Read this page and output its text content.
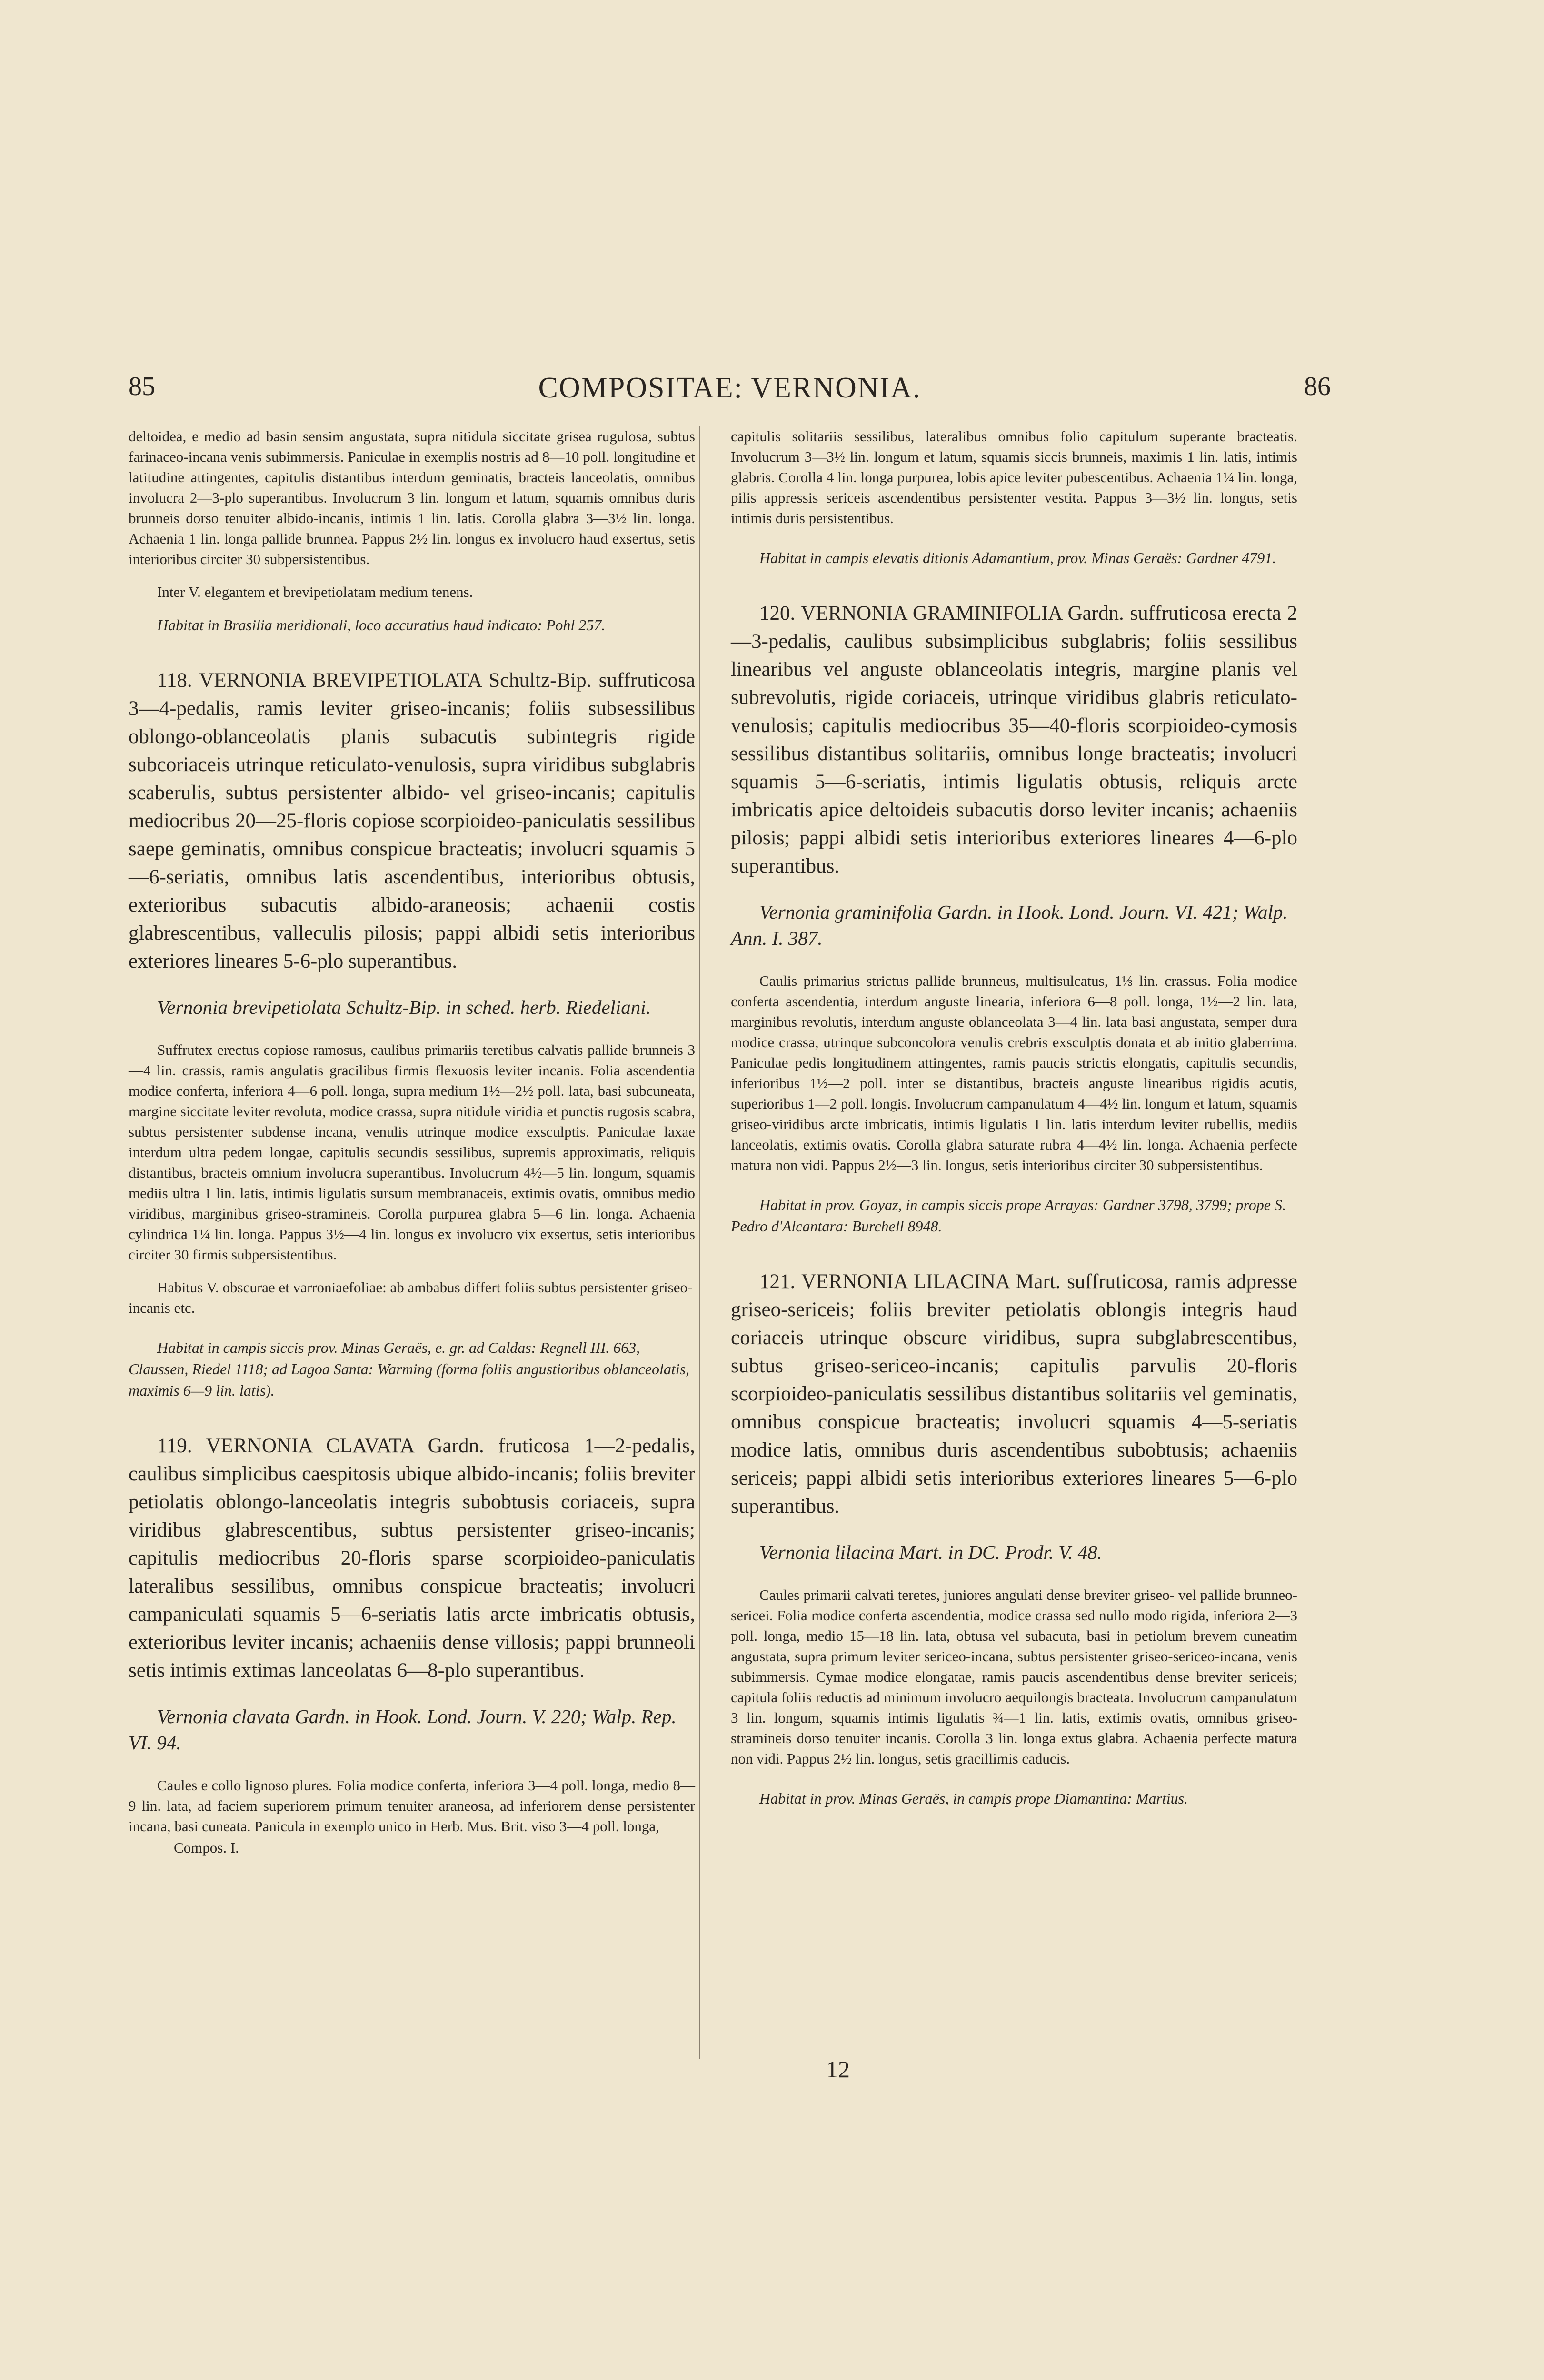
85	COMPOSITAE: VERNONIA.	86

deltoidea, e medio ad basin sensim angustata, supra nitidula siccitate grisea rugulosa, subtus farinaceo-incana venis subimmersis. Paniculae in exemplis nostris ad 8—10 poll. longitudine et latitudine attingentes, capitulis distantibus interdum geminatis, bracteis lanceolatis, omnibus involucra 2—3-plo superantibus. Involucrum 3 lin. longum et latum, squamis omnibus duris brunneis dorso tenuiter albido-incanis, intimis 1 lin. latis. Corolla glabra 3—3½ lin. longa. Achaenia 1 lin. longa pallide brunnea. Pappus 2½ lin. longus ex involucro haud exsertus, setis interioribus circiter 30 subpersistentibus.

Inter V. elegantem et brevipetiolatam medium tenens.

Habitat in Brasilia meridionali, loco accuratius haud indicato: Pohl 257.

118. VERNONIA BREVIPETIOLATA Schultz-Bip. suffruticosa 3—4-pedalis, ramis leviter griseo-incanis; foliis subsessilibus oblongo-oblanceolatis planis subacutis subintegris rigide subcoriaceis utrinque reticulato-venulosis, supra viridibus subglabris scaberulis, subtus persistenter albido- vel griseo-incanis; capitulis mediocribus 20—25-floris copiose scorpioideo-paniculatis sessilibus saepe geminatis, omnibus conspicue bracteatis; involucri squamis 5—6-seriatis, omnibus latis ascendentibus, interioribus obtusis, exterioribus subacutis albido-araneosis; achaenii costis glabrescentibus, valleculis pilosis; pappi albidi setis interioribus exteriores lineares 5-6-plo superantibus.

Vernonia brevipetiolata Schultz-Bip. in sched. herb. Riedeliani.

Suffrutex erectus copiose ramosus, caulibus primariis teretibus calvatis pallide brunneis 3—4 lin. crassis, ramis angulatis gracilibus firmis flexuosis leviter incanis. Folia ascendentia modice conferta, inferiora 4—6 poll. longa, supra medium 1½—2½ poll. lata, basi subcuneata, margine siccitate leviter revoluta, modice crassa, supra nitidule viridia et punctis rugosis scabra, subtus persistenter subdense incana, venulis utrinque modice exsculptis. Paniculae laxae interdum ultra pedem longae, capitulis secundis sessilibus, supremis approximatis, reliquis distantibus, bracteis omnium involucra superantibus. Involucrum 4½—5 lin. longum, squamis mediis ultra 1 lin. latis, intimis ligulatis sursum membranaceis, extimis ovatis, omnibus medio viridibus, marginibus griseo-stramineis. Corolla purpurea glabra 5—6 lin. longa. Achaenia cylindrica 1¼ lin. longa. Pappus 3½—4 lin. longus ex involucro vix exsertus, setis interioribus circiter 30 firmis subpersistentibus.

Habitus V. obscurae et varroniaefoliae: ab ambabus differt foliis subtus persistenter griseo-incanis etc.

Habitat in campis siccis prov. Minas Geraës, e. gr. ad Caldas: Regnell III. 663, Claussen, Riedel 1118; ad Lagoa Santa: Warming (forma foliis angustioribus oblanceolatis, maximis 6—9 lin. latis).

119. VERNONIA CLAVATA Gardn. fruticosa 1—2-pedalis, caulibus simplicibus caespitosis ubique albido-incanis; foliis breviter petiolatis oblongo-lanceolatis integris subobtusis coriaceis, supra viridibus glabrescentibus, subtus persistenter griseo-incanis; capitulis mediocribus 20-floris sparse scorpioideo-paniculatis lateralibus sessilibus, omnibus conspicue bracteatis; involucri campaniculati squamis 5—6-seriatis latis arcte imbricatis obtusis, exterioribus leviter incanis; achaeniis dense villosis; pappi brunneoli setis intimis extimas lanceolatas 6—8-plo superantibus.

Vernonia clavata Gardn. in Hook. Lond. Journ. V. 220; Walp. Rep. VI. 94.

Caules e collo lignoso plures. Folia modice conferta, inferiora 3—4 poll. longa, medio 8—9 lin. lata, ad faciem superiorem primum tenuiter araneosa, ad inferiorem dense persistenter incana, basi cuneata. Panicula in exemplo unico in Herb. Mus. Brit. viso 3—4 poll. longa,

Compos. I.

capitulis solitariis sessilibus, lateralibus omnibus folio capitulum superante bracteatis. Involucrum 3—3½ lin. longum et latum, squamis siccis brunneis, maximis 1 lin. latis, intimis glabris. Corolla 4 lin. longa purpurea, lobis apice leviter pubescentibus. Achaenia 1¼ lin. longa, pilis appressis sericeis ascendentibus persistenter vestita. Pappus 3—3½ lin. longus, setis intimis duris persistentibus.

Habitat in campis elevatis ditionis Adamantium, prov. Minas Geraës: Gardner 4791.

120. VERNONIA GRAMINIFOLIA Gardn. suffruticosa erecta 2—3-pedalis, caulibus subsimplicibus subglabris; foliis sessilibus linearibus vel anguste oblanceolatis integris, margine planis vel subrevolutis, rigide coriaceis, utrinque viridibus glabris reticulato-venulosis; capitulis mediocribus 35—40-floris scorpioideo-cymosis sessilibus distantibus solitariis, omnibus longe bracteatis; involucri squamis 5—6-seriatis, intimis ligulatis obtusis, reliquis arcte imbricatis apice deltoideis subacutis dorso leviter incanis; achaeniis pilosis; pappi albidi setis interioribus exteriores lineares 4—6-plo superantibus.

Vernonia graminifolia Gardn. in Hook. Lond. Journ. VI. 421; Walp. Ann. I. 387.

Caulis primarius strictus pallide brunneus, multisulcatus, 1⅓ lin. crassus. Folia modice conferta ascendentia, interdum anguste linearia, inferiora 6—8 poll. longa, 1½—2 lin. lata, marginibus revolutis, interdum anguste oblanceolata 3—4 lin. lata basi angustata, semper dura modice crassa, utrinque subconcolora venulis crebris exsculptis donata et ab initio glaberrima. Paniculae pedis longitudinem attingentes, ramis paucis strictis elongatis, capitulis secundis, inferioribus 1½—2 poll. inter se distantibus, bracteis anguste linearibus rigidis acutis, superioribus 1—2 poll. longis. Involucrum campanulatum 4—4½ lin. longum et latum, squamis griseo-viridibus arcte imbricatis, intimis ligulatis 1 lin. latis interdum leviter rubellis, mediis lanceolatis, extimis ovatis. Corolla glabra saturate rubra 4—4½ lin. longa. Achaenia perfecte matura non vidi. Pappus 2½—3 lin. longus, setis interioribus circiter 30 subpersistentibus.

Habitat in prov. Goyaz, in campis siccis prope Arrayas: Gardner 3798, 3799; prope S. Pedro d'Alcantara: Burchell 8948.

121. VERNONIA LILACINA Mart. suffruticosa, ramis adpresse griseo-sericeis; foliis breviter petiolatis oblongis integris haud coriaceis utrinque obscure viridibus, supra subglabrescentibus, subtus griseo-sericeo-incanis; capitulis parvulis 20-floris scorpioideo-paniculatis sessilibus distantibus solitariis vel geminatis, omnibus conspicue bracteatis; involucri squamis 4—5-seriatis modice latis, omnibus duris ascendentibus subobtusis; achaeniis sericeis; pappi albidi setis interioribus exteriores lineares 5—6-plo superantibus.

Vernonia lilacina Mart. in DC. Prodr. V. 48.

Caules primarii calvati teretes, juniores angulati dense breviter griseo- vel pallide brunneo-sericei. Folia modice conferta ascendentia, modice crassa sed nullo modo rigida, inferiora 2—3 poll. longa, medio 15—18 lin. lata, obtusa vel subacuta, basi in petiolum brevem cuneatim angustata, supra primum leviter sericeo-incana, subtus persistenter griseo-sericeo-incana, venis subimmersis. Cymae modice elongatae, ramis paucis ascendentibus dense breviter sericeis; capitula foliis reductis ad minimum involucro aequilongis bracteata. Involucrum campanulatum 3 lin. longum, squamis intimis ligulatis ¾—1 lin. latis, extimis ovatis, omnibus griseo-stramineis dorso tenuiter incanis. Corolla 3 lin. longa extus glabra. Achaenia perfecte matura non vidi. Pappus 2½ lin. longus, setis gracillimis caducis.

Habitat in prov. Minas Geraës, in campis prope Diamantina: Martius.

12
